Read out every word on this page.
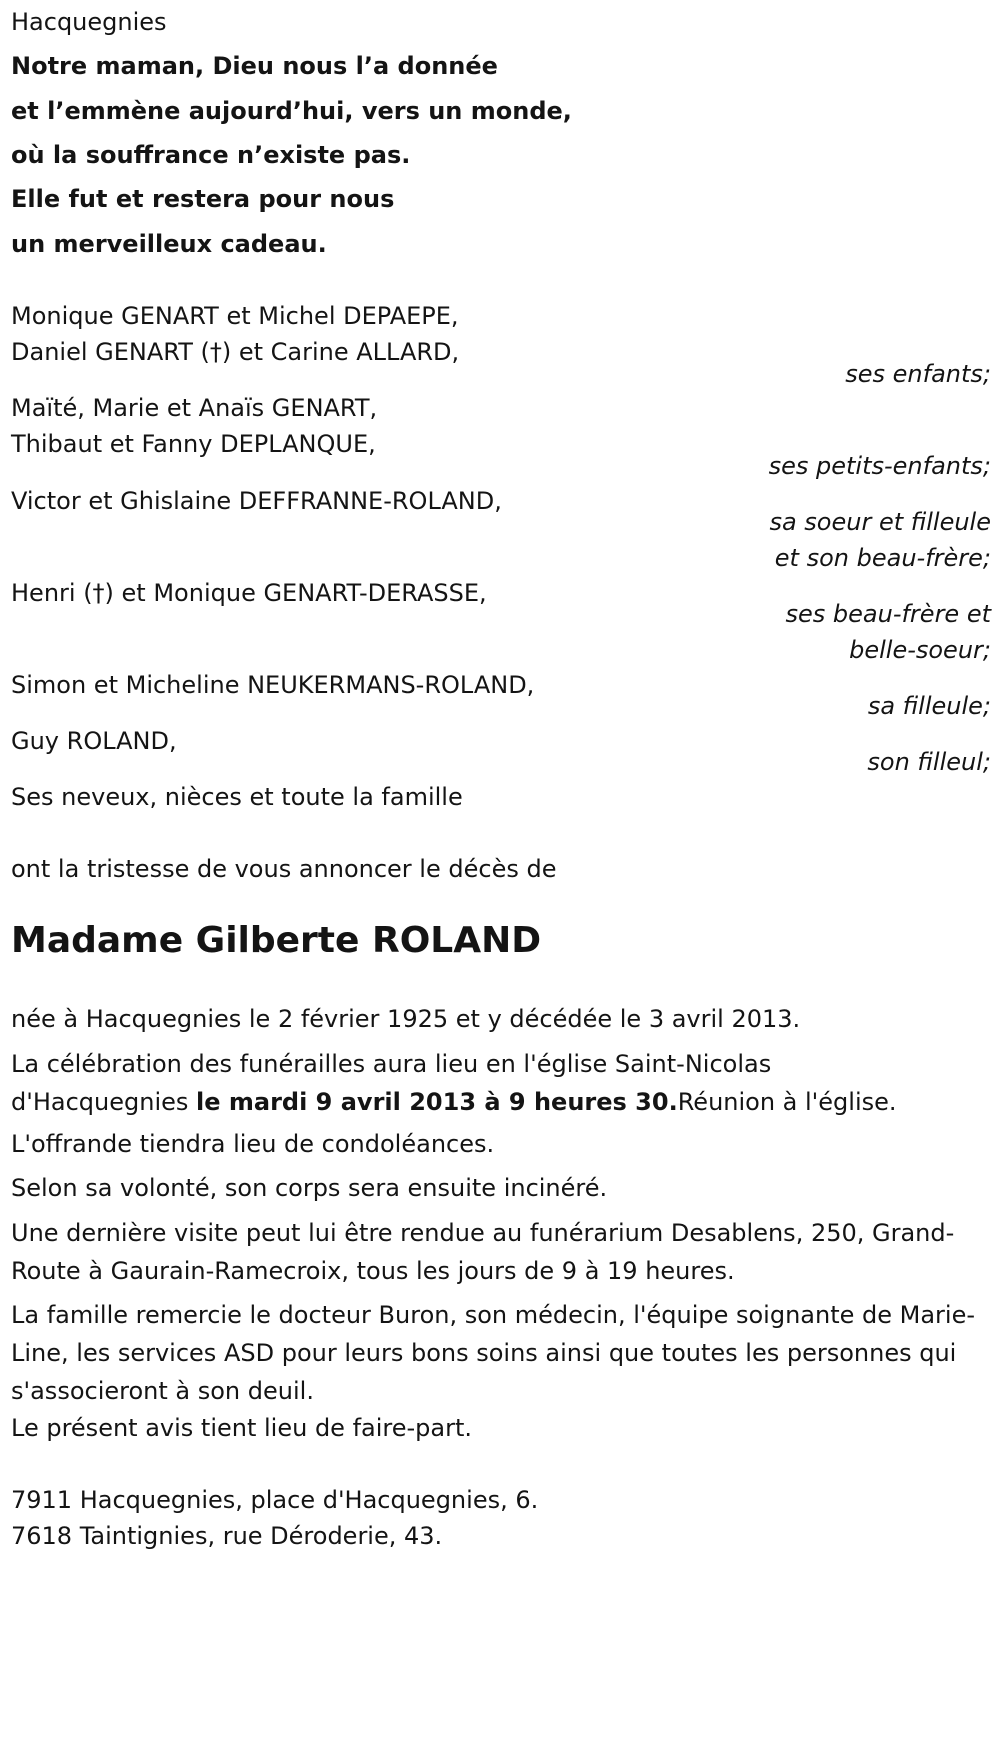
Hacquegnies
Notre maman, Dieu nous l’a donnée
et l’emmène aujourd’hui, vers un monde,
où la souffrance n’existe pas.
Elle fut et restera pour nous
un merveilleux cadeau.
Monique GENART et Michel DEPAEPE,
Daniel GENART (†) et Carine ALLARD,
ses enfants;
Maïté, Marie et Anaïs GENART,
Thibaut et Fanny DEPLANQUE,
ses petits-enfants;
Victor et Ghislaine DEFFRANNE-ROLAND,
sa soeur et filleule
et son beau-frère;
Henri (†) et Monique GENART-DERASSE,
ses beau-frère et
belle-soeur;
Simon et Micheline NEUKERMANS-ROLAND,
sa filleule;
Guy ROLAND,
son filleul;
Ses neveux, nièces et toute la famille
ont la tristesse de vous annoncer le décès de
Madame Gilberte ROLAND
née à Hacquegnies le 2 février 1925 et y décédée le 3 avril 2013.
La célébration des funérailles aura lieu en l'église Saint-Nicolas d'Hacquegnies le mardi 9 avril 2013 à 9 heures 30.Réunion à l'église.
L'offrande tiendra lieu de condoléances.
Selon sa volonté, son corps sera ensuite incinéré.
Une dernière visite peut lui être rendue au funérarium Desablens, 250, Grand-Route à Gaurain-Ramecroix, tous les jours de 9 à 19 heures.
La famille remercie le docteur Buron, son médecin, l'équipe soignante de Marie-Line, les services ASD pour leurs bons soins ainsi que toutes les personnes qui s'associeront à son deuil.
Le présent avis tient lieu de faire-part.
7911 Hacquegnies, place d'Hacquegnies, 6.
7618 Taintignies, rue Déroderie, 43.
